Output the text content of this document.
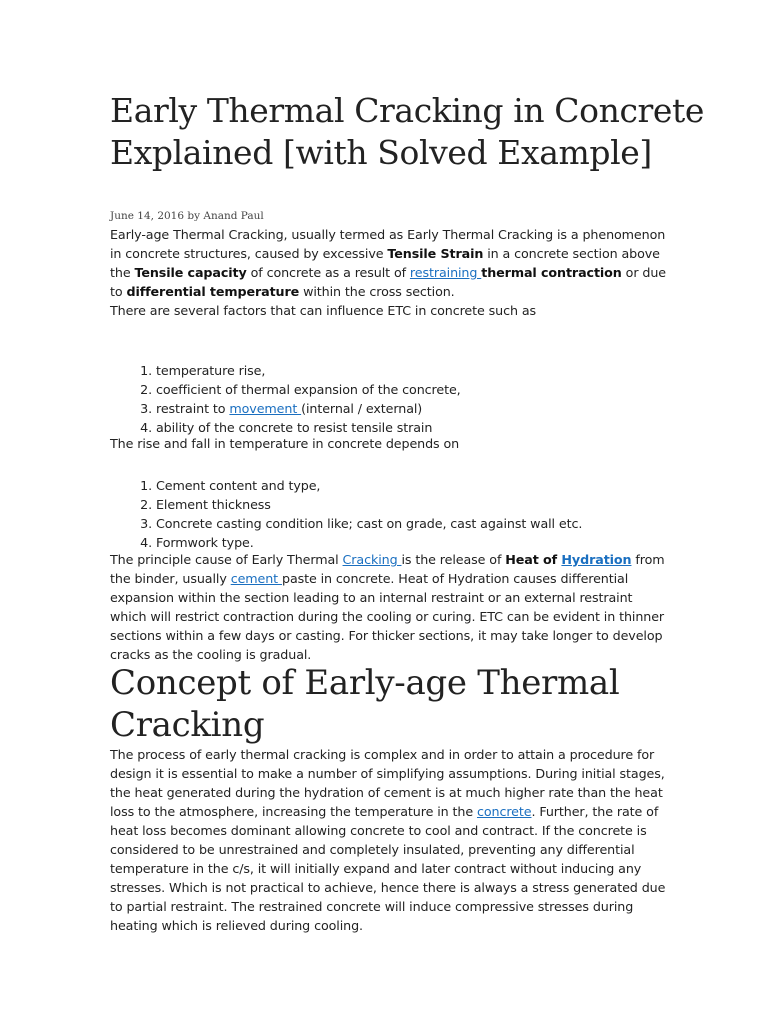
Early Thermal Cracking in Concrete Explained [with Solved Example]
June 14, 2016 by Anand Paul

Early-age Thermal Cracking, usually termed as Early Thermal Cracking is a phenomenon in concrete structures, caused by excessive Tensile Strain in a concrete section above the Tensile capacity of concrete as a result of restraining thermal contraction or due to differential temperature within the cross section.

There are several factors that can influence ETC in concrete such as

1. temperature rise,
2. coefficient of thermal expansion of the concrete,
3. restraint to movement (internal / external)
4. ability of the concrete to resist tensile strain

The rise and fall in temperature in concrete depends on

1. Cement content and type,
2. Element thickness
3. Concrete casting condition like; cast on grade, cast against wall etc.
4. Formwork type.

The principle cause of Early Thermal Cracking is the release of Heat of Hydration from the binder, usually cement paste in concrete. Heat of Hydration causes differential expansion within the section leading to an internal restraint or an external restraint which will restrict contraction during the cooling or curing. ETC can be evident in thinner sections within a few days or casting. For thicker sections, it may take longer to develop cracks as the cooling is gradual.

Concept of Early-age Thermal Cracking

The process of early thermal cracking is complex and in order to attain a procedure for design it is essential to make a number of simplifying assumptions. During initial stages, the heat generated during the hydration of cement is at much higher rate than the heat loss to the atmosphere, increasing the temperature in the concrete. Further, the rate of heat loss becomes dominant allowing concrete to cool and contract. If the concrete is considered to be unrestrained and completely insulated, preventing any differential temperature in the c/s, it will initially expand and later contract without inducing any stresses. Which is not practical to achieve, hence there is always a stress generated due to partial restraint. The restrained concrete will induce compressive stresses during heating which is relieved during cooling.
